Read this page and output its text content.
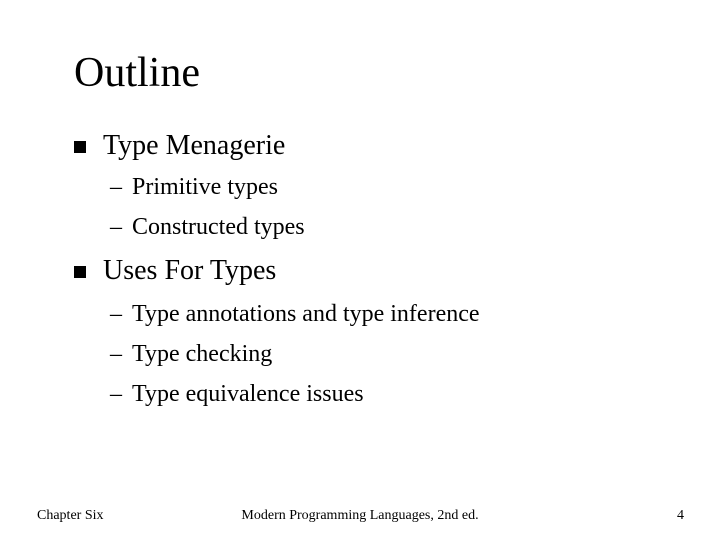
Outline
Type Menagerie
– Primitive types
– Constructed types
Uses For Types
– Type annotations and type inference
– Type checking
– Type equivalence issues
Chapter Six	Modern Programming Languages, 2nd ed.	4
